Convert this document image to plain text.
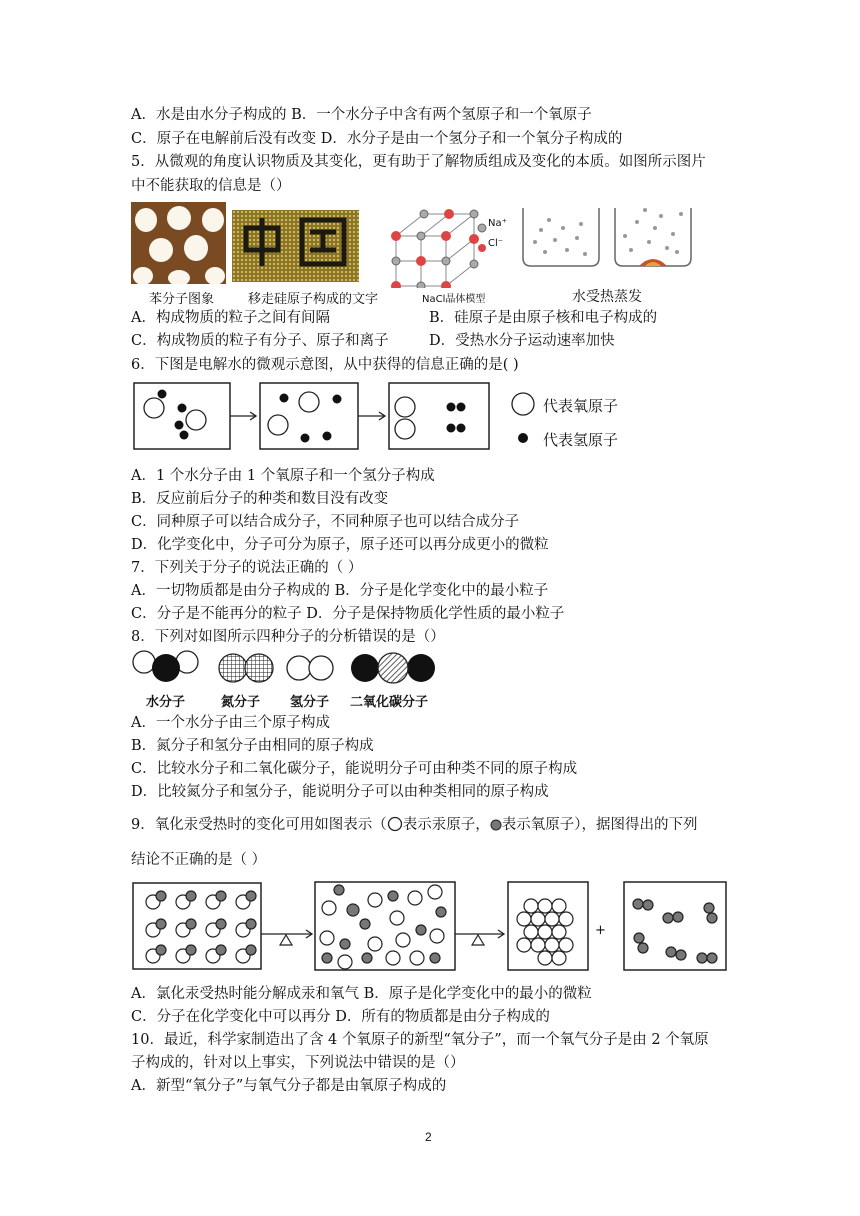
A．水是由水分子构成的 B．一个水分子中含有两个氢原子和一个氧原子
C．原子在电解前后没有改变 D．水分子是由一个氢分子和一个氧分子构成的
5．从微观的角度认识物质及其变化，更有助于了解物质组成及变化的本质。如图所示图片
中不能获取的信息是（）
苯分子图象	移走硅原子构成的文字
Na⁺
Cl⁻
NaCl晶体模型	水受热蒸发
A．构成物质的粒子之间有间隔	B．硅原子是由原子核和电子构成的
C．构成物质的粒子有分子、原子和离子	D．受热水分子运动速率加快
6．下图是电解水的微观示意图，从中获得的信息正确的是( )
代表氧原子
代表氢原子
A．1 个水分子由 1 个氧原子和一个氢分子构成
B．反应前后分子的种类和数目没有改变
C．同种原子可以结合成分子，不同种原子也可以结合成分子
D．化学变化中，分子可分为原子，原子还可以再分成更小的微粒
7．下列关于分子的说法正确的（ ）
A．一切物质都是由分子构成的 B．分子是化学变化中的最小粒子
C．分子是不能再分的粒子 D．分子是保持物质化学性质的最小粒子
8．下列对如图所示四种分子的分析错误的是（）
水分子	氮分子 氢分子 二氧化碳分子
A．一个水分子由三个原子构成
B．氮分子和氢分子由相同的原子构成
C．比较水分子和二氧化碳分子，能说明分子可由种类不同的原子构成
D．比较氮分子和氢分子，能说明分子可以由种类相同的原子构成
9．氧化汞受热时的变化可用如图表示（ 表示汞原子， 表示氧原子），据图得出的下列
结论不正确的是（ ）
+
A．氯化汞受热时能分解成汞和氧气 B．原子是化学变化中的最小的微粒
C．分子在化学变化中可以再分 D．所有的物质都是由分子构成的
10．最近，科学家制造出了含 4 个氧原子的新型“氧分子”，而一个氧气分子是由 2 个氧原
子构成的，针对以上事实，下列说法中错误的是（）
A．新型“氧分子”与氧气分子都是由氧原子构成的
2
